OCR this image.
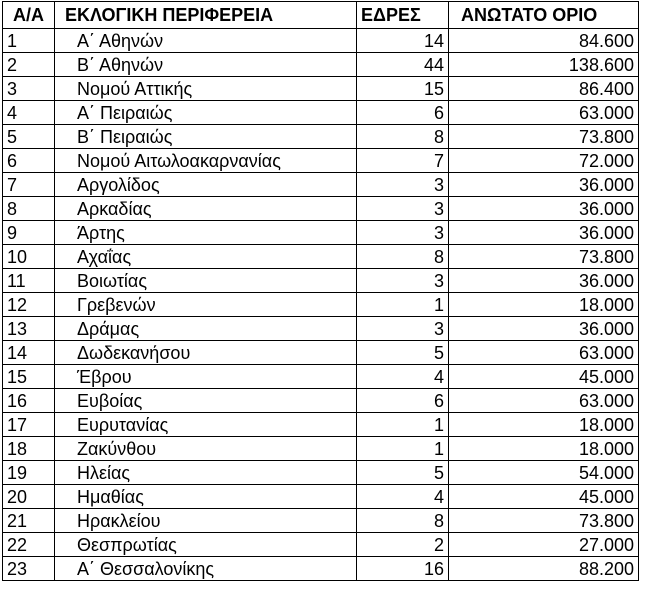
Α/Α	ΕΚΛΟΓΙΚΗ ΠΕΡΙΦΕΡΕΙΑ	ΕΔΡΕΣ	ΑΝΩΤΑΤΟ ΟΡΙΟ
1	Α΄ Αθηνών	14	84.600
2	Β΄ Αθηνών	44	138.600
3	Νομού Αττικής	15	86.400
4	Α΄ Πειραιώς	6	63.000
5	Β΄ Πειραιώς	8	73.800
6	Νομού Αιτωλοακαρνανίας	7	72.000
7	Αργολίδος	3	36.000
8	Αρκαδίας	3	36.000
9	Άρτης	3	36.000
10	Αχαΐας	8	73.800
11	Βοιωτίας	3	36.000
12	Γρεβενών	1	18.000
13	Δράμας	3	36.000
14	Δωδεκανήσου	5	63.000
15	Έβρου	4	45.000
16	Ευβοίας	6	63.000
17	Ευρυτανίας	1	18.000
18	Ζακύνθου	1	18.000
19	Ηλείας	5	54.000
20	Ημαθίας	4	45.000
21	Ηρακλείου	8	73.800
22	Θεσπρωτίας	2	27.000
23	Α΄ Θεσσαλονίκης	16	88.200
